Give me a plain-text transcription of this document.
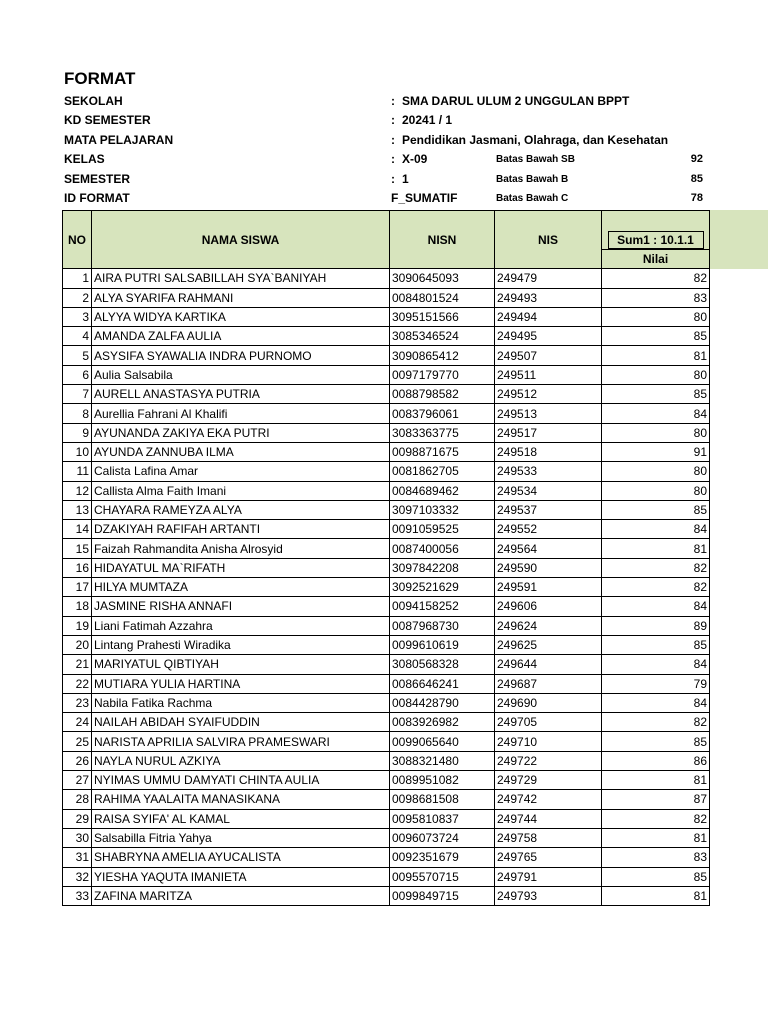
FORMAT
SEKOLAH	: SMA DARUL ULUM 2 UNGGULAN BPPT
KD SEMESTER	: 20241 / 1
MATA PELAJARAN	: Pendidikan Jasmani, Olahraga, dan Kesehatan
KELAS	: X-09
SEMESTER	: 1
ID FORMAT	F_SUMATIF
Batas Bawah SB	92
Batas Bawah B	85
Batas Bawah C	78
NO	NAMA SISWA	NISN	NIS	Sum1 : 10.1.1
				Nilai
1	AIRA PUTRI SALSABILLAH SYA`BANIYAH	3090645093	249479	82
2	ALYA SYARIFA RAHMANI	0084801524	249493	83
3	ALYYA WIDYA KARTIKA	3095151566	249494	80
4	AMANDA ZALFA AULIA	3085346524	249495	85
5	ASYSIFA SYAWALIA INDRA PURNOMO	3090865412	249507	81
6	Aulia Salsabila	0097179770	249511	80
7	AURELL ANASTASYA PUTRIA	0088798582	249512	85
8	Aurellia Fahrani Al Khalifi	0083796061	249513	84
9	AYUNANDA ZAKIYA EKA PUTRI	3083363775	249517	80
10	AYUNDA ZANNUBA ILMA	0098871675	249518	91
11	Calista Lafina Amar	0081862705	249533	80
12	Callista Alma Faith Imani	0084689462	249534	80
13	CHAYARA RAMEYZA ALYA	3097103332	249537	85
14	DZAKIYAH RAFIFAH ARTANTI	0091059525	249552	84
15	Faizah Rahmandita Anisha Alrosyid	0087400056	249564	81
16	HIDAYATUL MA`RIFATH	3097842208	249590	82
17	HILYA MUMTAZA	3092521629	249591	82
18	JASMINE RISHA ANNAFI	0094158252	249606	84
19	Liani Fatimah Azzahra	0087968730	249624	89
20	Lintang Prahesti Wiradika	0099610619	249625	85
21	MARIYATUL QIBTIYAH	3080568328	249644	84
22	MUTIARA YULIA HARTINA	0086646241	249687	79
23	Nabila Fatika Rachma	0084428790	249690	84
24	NAILAH ABIDAH SYAIFUDDIN	0083926982	249705	82
25	NARISTA APRILIA SALVIRA PRAMESWARI	0099065640	249710	85
26	NAYLA NURUL AZKIYA	3088321480	249722	86
27	NYIMAS UMMU DAMYATI CHINTA AULIA	0089951082	249729	81
28	RAHIMA YAALAITA MANASIKANA	0098681508	249742	87
29	RAISA SYIFA' AL KAMAL	0095810837	249744	82
30	Salsabilla Fitria Yahya	0096073724	249758	81
31	SHABRYNA AMELIA AYUCALISTA	0092351679	249765	83
32	YIESHA YAQUTA IMANIETA	0095570715	249791	85
33	ZAFINA MARITZA	0099849715	249793	81
